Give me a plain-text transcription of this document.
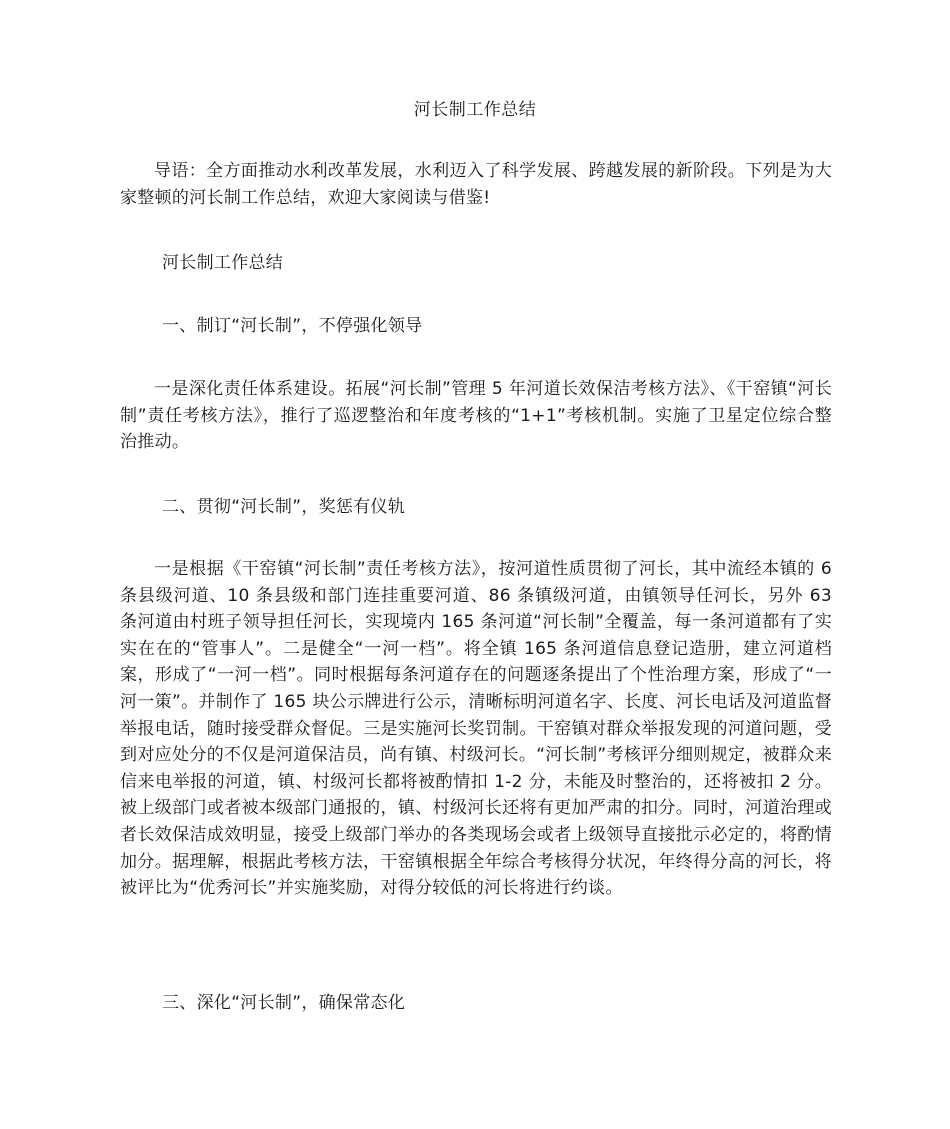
河长制工作总结

导语：全方面推动水利改革发展，水利迈入了科学发展、跨越发展的新阶段。下列是为大家整顿的河长制工作总结，欢迎大家阅读与借鉴!

河长制工作总结

一、制订“河长制”，不停强化领导

一是深化责任体系建设。拓展“河长制”管理 5 年河道长效保洁考核方法》、《干窑镇“河长制”责任考核方法》，推行了巡逻整治和年度考核的“1+1”考核机制。实施了卫星定位综合整治推动。

二、贯彻“河长制”，奖惩有仪轨

一是根据《干窑镇“河长制”责任考核方法》，按河道性质贯彻了河长，其中流经本镇的 6 条县级河道、10 条县级和部门连挂重要河道、86 条镇级河道，由镇领导任河长，另外 63 条河道由村班子领导担任河长，实现境内 165 条河道“河长制”全覆盖，每一条河道都有了实实在在的“管事人”。二是健全“一河一档”。将全镇 165 条河道信息登记造册，建立河道档案，形成了“一河一档”。同时根据每条河道存在的问题逐条提出了个性治理方案，形成了“一河一策”。并制作了 165 块公示牌进行公示，清晰标明河道名字、长度、河长电话及河道监督举报电话，随时接受群众督促。三是实施河长奖罚制。干窑镇对群众举报发现的河道问题，受到对应处分的不仅是河道保洁员，尚有镇、村级河长。“河长制”考核评分细则规定，被群众来信来电举报的河道，镇、村级河长都将被酌情扣 1-2 分，未能及时整治的，还将被扣 2 分。被上级部门或者被本级部门通报的，镇、村级河长还将有更加严肃的扣分。同时，河道治理或者长效保洁成效明显，接受上级部门举办的各类现场会或者上级领导直接批示必定的，将酌情加分。据理解，根据此考核方法，干窑镇根据全年综合考核得分状况，年终得分高的河长，将被评比为“优秀河长”并实施奖励，对得分较低的河长将进行约谈。

三、深化“河长制”，确保常态化
